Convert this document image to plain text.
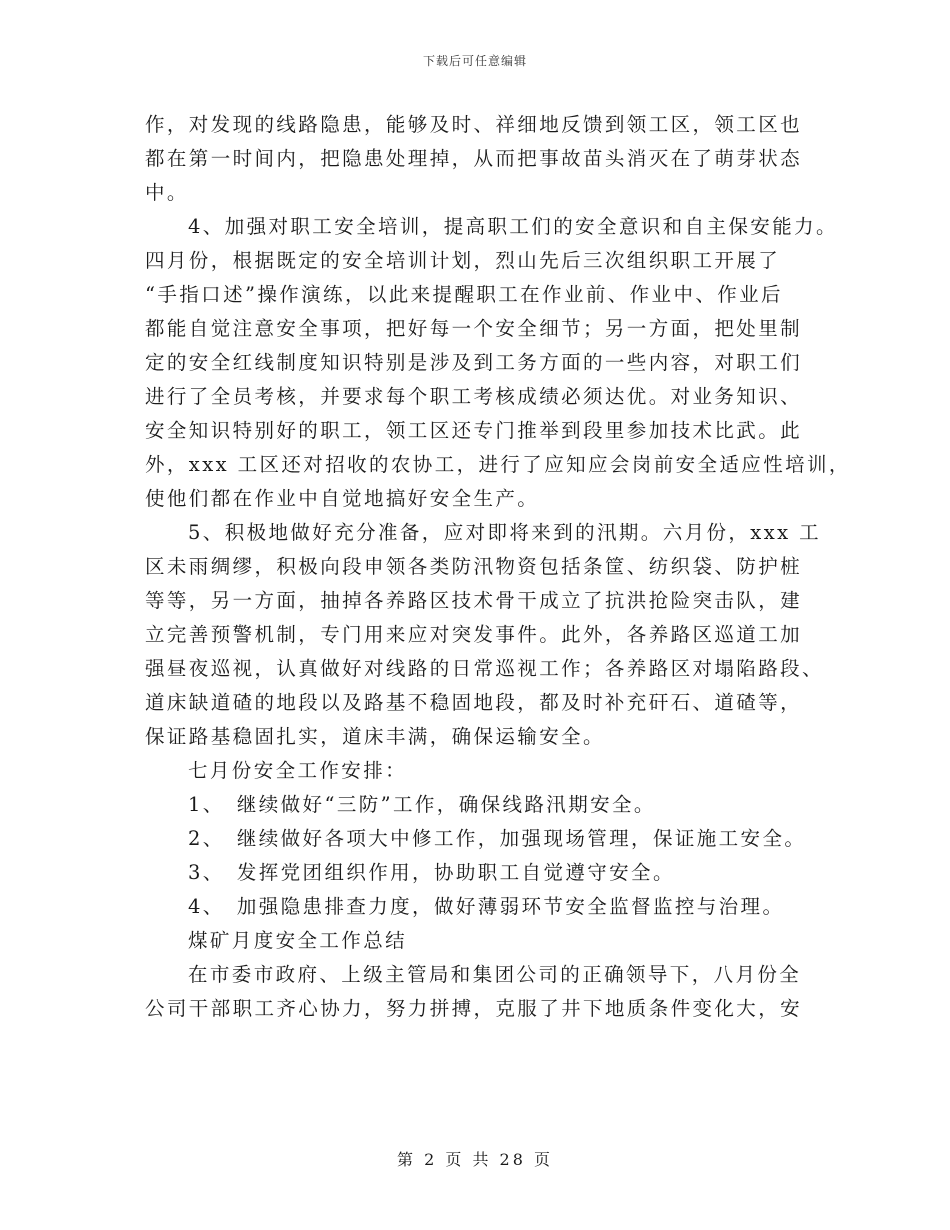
下载后可任意编辑
作，对发现的线路隐患，能够及时、祥细地反馈到领工区，领工区也
都在第一时间内，把隐患处理掉，从而把事故苗头消灭在了萌芽状态
中。
4、加强对职工安全培训，提高职工们的安全意识和自主保安能力。
四月份，根据既定的安全培训计划，烈山先后三次组织职工开展了
“手指口述”操作演练，以此来提醒职工在作业前、作业中、作业后
都能自觉注意安全事项，把好每一个安全细节；另一方面，把处里制
定的安全红线制度知识特别是涉及到工务方面的一些内容，对职工们
进行了全员考核，并要求每个职工考核成绩必须达优。对业务知识、
安全知识特别好的职工，领工区还专门推举到段里参加技术比武。此
外，xxx 工区还对招收的农协工，进行了应知应会岗前安全适应性培训，
使他们都在作业中自觉地搞好安全生产。
5、积极地做好充分准备，应对即将来到的汛期。六月份，xxx 工
区未雨绸缪，积极向段申领各类防汛物资包括条筐、纺织袋、防护桩
等等，另一方面，抽掉各养路区技术骨干成立了抗洪抢险突击队，建
立完善预警机制，专门用来应对突发事件。此外，各养路区巡道工加
强昼夜巡视，认真做好对线路的日常巡视工作；各养路区对塌陷路段、
道床缺道碴的地段以及路基不稳固地段，都及时补充矸石、道碴等，
保证路基稳固扎实，道床丰满，确保运输安全。
七月份安全工作安排：
1、　继续做好“三防”工作，确保线路汛期安全。
2、　继续做好各项大中修工作，加强现场管理，保证施工安全。
3、　发挥党团组织作用，协助职工自觉遵守安全。
4、　加强隐患排查力度，做好薄弱环节安全监督监控与治理。
煤矿月度安全工作总结
在市委市政府、上级主管局和集团公司的正确领导下，八月份全
公司干部职工齐心协力，努力拼搏，克服了井下地质条件变化大，安
第 2 页 共 28 页
